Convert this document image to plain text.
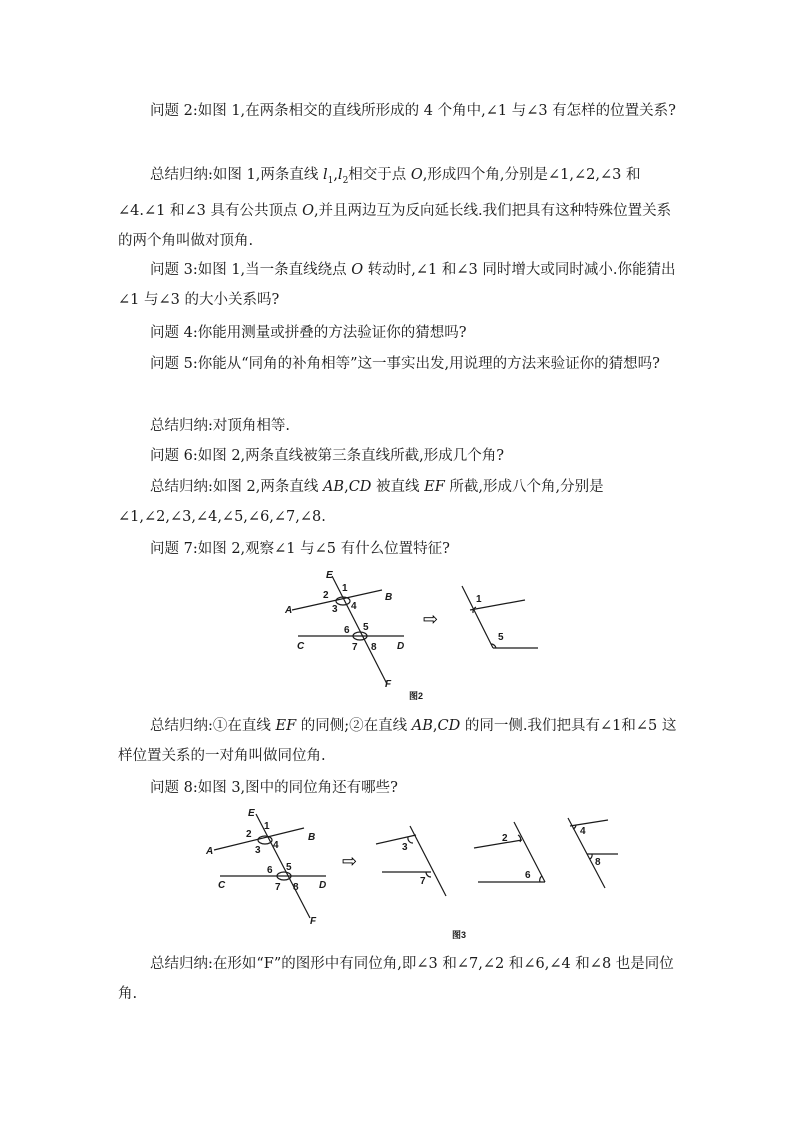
问题 2:如图 1,在两条相交的直线所形成的 4 个角中,∠1 与∠3 有怎样的位置关系?

总结归纳:如图 1,两条直线 $l_1,l_2$相交于点 O,形成四个角,分别是∠1,∠2,∠3 和∠4.∠1 和∠3 具有公共顶点 O,并且两边互为反向延长线.我们把具有这种特殊位置关系的两个角叫做对顶角.

问题 3:如图 1,当一条直线绕点 O 转动时,∠1 和∠3 同时增大或同时减小.你能猜出∠1 与∠3 的大小关系吗?

问题 4:你能用测量或拼叠的方法验证你的猜想吗?

问题 5:你能从“同角的补角相等”这一事实出发,用说理的方法来验证你的猜想吗?

总结归纳:对顶角相等.

问题 6:如图 2,两条直线被第三条直线所截,形成几个角?

总结归纳:如图 2,两条直线 AB,CD 被直线 EF 所截,形成八个角,分别是∠1,∠2,∠3,∠4,∠5,∠6,∠7,∠8.

问题 7:如图 2,观察∠1 与∠5 有什么位置特征?

E
A
B
C	D
F
1
2
3 4
5
6
7 8
⇨
1
5
图2

总结归纳:①在直线 EF 的同侧;②在直线 AB,CD 的同一侧.我们把具有∠1和∠5 这样位置关系的一对角叫做同位角.

问题 8:如图 3,图中的同位角还有哪些?

E
A
B
C	D
F
1
2
3 4
5
6
7 8
⇨
3
7
2
6
4
8
图3

总结归纳:在形如“F”的图形中有同位角,即∠3 和∠7,∠2 和∠6,∠4 和∠8 也是同位角.
